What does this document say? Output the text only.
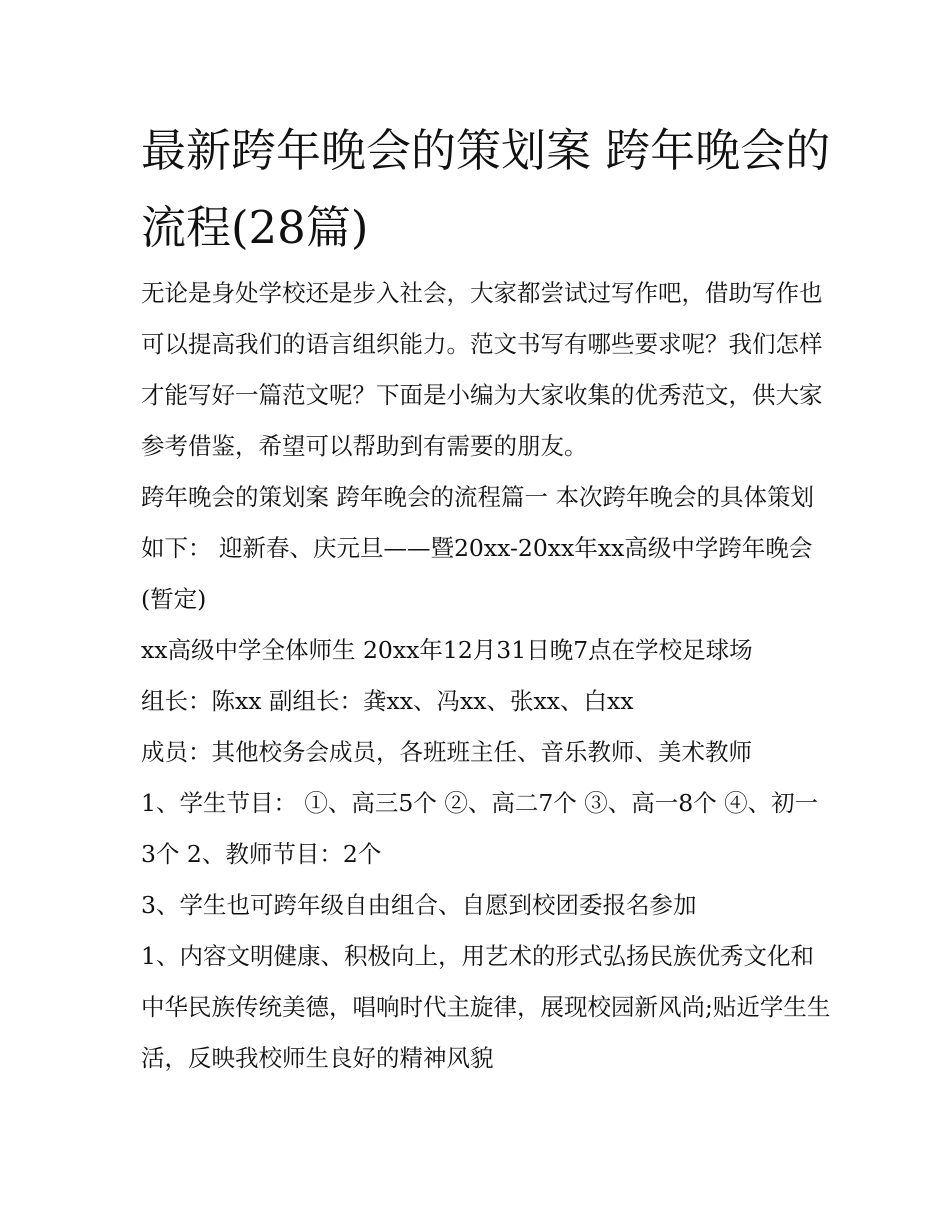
最新跨年晚会的策划案 跨年晚会的流程(28篇)

无论是身处学校还是步入社会，大家都尝试过写作吧，借助写作也可以提高我们的语言组织能力。范文书写有哪些要求呢？我们怎样才能写好一篇范文呢？下面是小编为大家收集的优秀范文，供大家参考借鉴，希望可以帮助到有需要的朋友。

跨年晚会的策划案 跨年晚会的流程篇一 本次跨年晚会的具体策划如下： 迎新春、庆元旦——暨20xx-20xx年xx高级中学跨年晚会(暂定)

xx高级中学全体师生 20xx年12月31日晚7点在学校足球场

组长：陈xx 副组长：龚xx、冯xx、张xx、白xx

成员：其他校务会成员，各班班主任、音乐教师、美术教师

1、学生节目： ①、高三5个 ②、高二7个 ③、高一8个 ④、初一3个 2、教师节目：2个

3、学生也可跨年级自由组合、自愿到校团委报名参加

1、内容文明健康、积极向上，用艺术的形式弘扬民族优秀文化和中华民族传统美德，唱响时代主旋律，展现校园新风尚;贴近学生生活，反映我校师生良好的精神风貌
